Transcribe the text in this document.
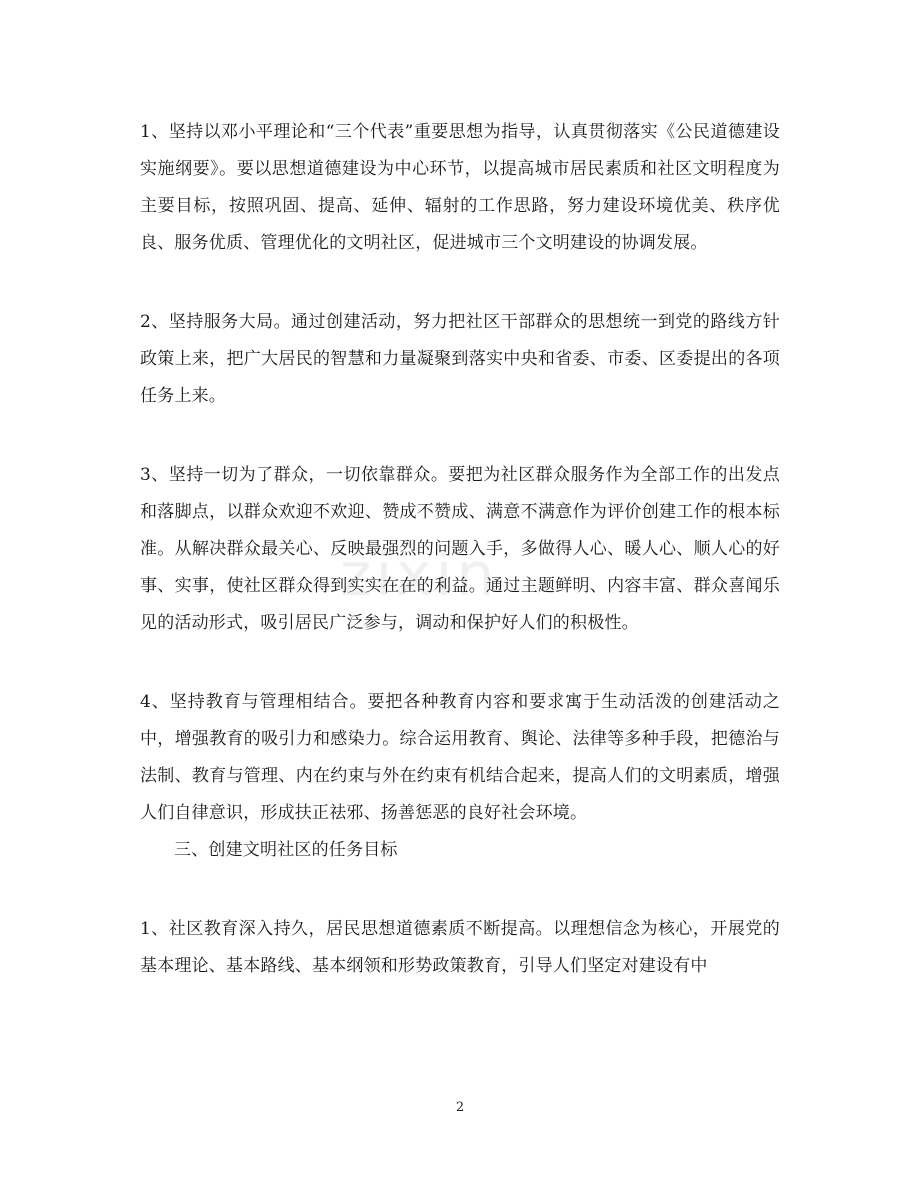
zixin

1、坚持以邓小平理论和“三个代表”重要思想为指导，认真贯彻落实《公民道德建设实施纲要》。要以思想道德建设为中心环节，以提高城市居民素质和社区文明程度为主要目标，按照巩固、提高、延伸、辐射的工作思路，努力建设环境优美、秩序优良、服务优质、管理优化的文明社区，促进城市三个文明建设的协调发展。

2、坚持服务大局。通过创建活动，努力把社区干部群众的思想统一到党的路线方针政策上来，把广大居民的智慧和力量凝聚到落实中央和省委、市委、区委提出的各项任务上来。

3、坚持一切为了群众，一切依靠群众。要把为社区群众服务作为全部工作的出发点和落脚点，以群众欢迎不欢迎、赞成不赞成、满意不满意作为评价创建工作的根本标准。从解决群众最关心、反映最强烈的问题入手，多做得人心、暖人心、顺人心的好事、实事，使社区群众得到实实在在的利益。通过主题鲜明、内容丰富、群众喜闻乐见的活动形式，吸引居民广泛参与，调动和保护好人们的积极性。

4、坚持教育与管理相结合。要把各种教育内容和要求寓于生动活泼的创建活动之中，增强教育的吸引力和感染力。综合运用教育、舆论、法律等多种手段，把德治与法制、教育与管理、内在约束与外在约束有机结合起来，提高人们的文明素质，增强人们自律意识，形成扶正祛邪、扬善惩恶的良好社会环境。

三、创建文明社区的任务目标

1、社区教育深入持久，居民思想道德素质不断提高。以理想信念为核心，开展党的基本理论、基本路线、基本纲领和形势政策教育，引导人们坚定对建设有中

2
